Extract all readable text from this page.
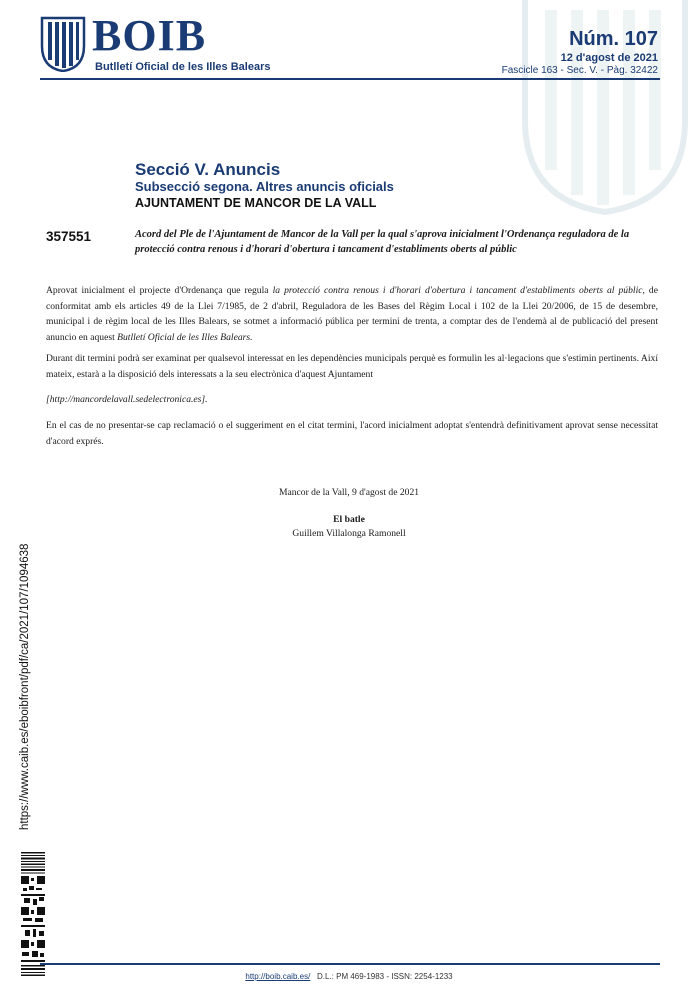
BOIB
Butlletí Oficial de les Illes Balears
Núm. 107
12 d'agost de 2021
Fascicle 163 - Sec. V. - Pàg. 32422
Secció V. Anuncis
Subsecció segona. Altres anuncis oficials
AJUNTAMENT DE MANCOR DE LA VALL
357551	Acord del Ple de l'Ajuntament de Mancor de la Vall per la qual s'aprova inicialment l'Ordenança reguladora de la protecció contra renous i d'horari d'obertura i tancament d'establiments oberts al públic
Aprovat inicialment el projecte d'Ordenança que regula la protecció contra renous i d'horari d'obertura i tancament d'establiments oberts al públic, de conformitat amb els articles 49 de la Llei 7/1985, de 2 d'abril, Reguladora de les Bases del Règim Local i 102 de la Llei 20/2006, de 15 de desembre, municipal i de règim local de les Illes Balears, se sotmet a informació pública per termini de trenta, a comptar des de l'endemà al de publicació del present anuncio en aquest Butlletí Oficial de les Illes Balears.
Durant dit termini podrà ser examinat per qualsevol interessat en les dependències municipals perquè es formulin les al·legacions que s'estimin pertinents. Així mateix, estarà a la disposició dels interessats a la seu electrònica d'aquest Ajuntament
[http://mancordelavall.sedelectronica.es].
En el cas de no presentar-se cap reclamació o el suggeriment en el citat termini, l'acord inicialment adoptat s'entendrà definitivament aprovat sense necessitat d'acord exprés.
Mancor de la Vall, 9 d'agost de 2021
El batle
Guillem Villalonga Ramonell
https://www.caib.es/eboibfront/pdf/ca/2021/107/1094638
http://boib.caib.es/ D.L.: PM 469-1983 - ISSN: 2254-1233
